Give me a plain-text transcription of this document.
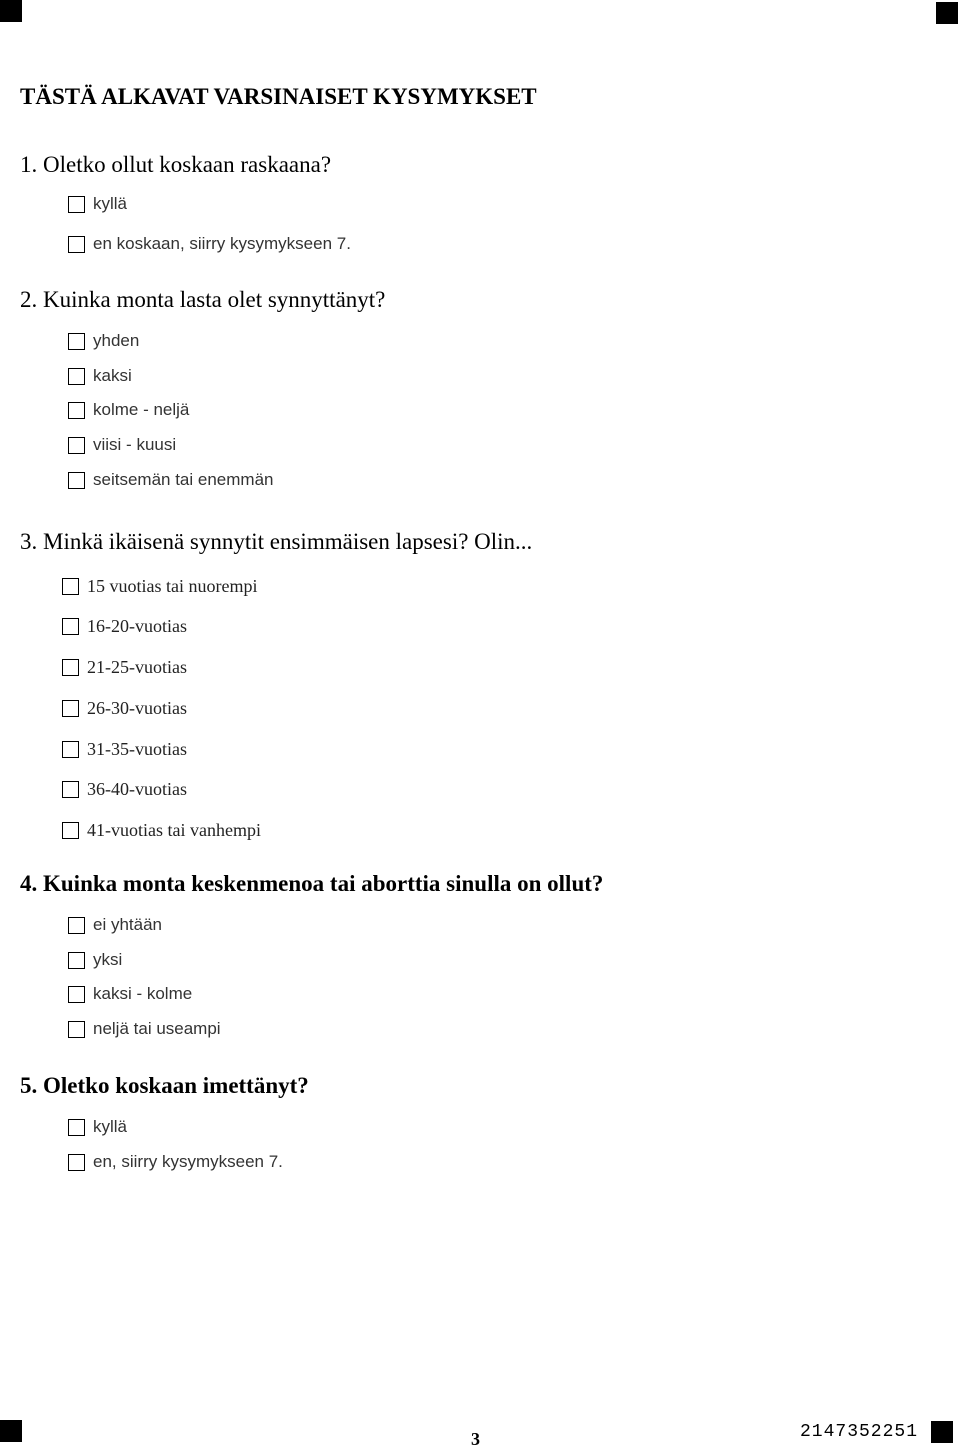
TÄSTÄ ALKAVAT VARSINAISET KYSYMYKSET
1. Oletko ollut koskaan raskaana?
kyllä
en koskaan, siirry kysymykseen 7.
2. Kuinka monta lasta olet synnyttänyt?
yhden
kaksi
kolme - neljä
viisi - kuusi
seitsemän tai enemmän
3. Minkä ikäisenä synnytit ensimmäisen lapsesi? Olin...
15 vuotias tai nuorempi
16-20-vuotias
21-25-vuotias
26-30-vuotias
31-35-vuotias
36-40-vuotias
41-vuotias tai vanhempi
4. Kuinka monta keskenmenoa tai aborttia sinulla on ollut?
ei yhtään
yksi
kaksi - kolme
neljä tai useampi
5. Oletko koskaan imettänyt?
kyllä
en, siirry kysymykseen 7.
3	2147352251
